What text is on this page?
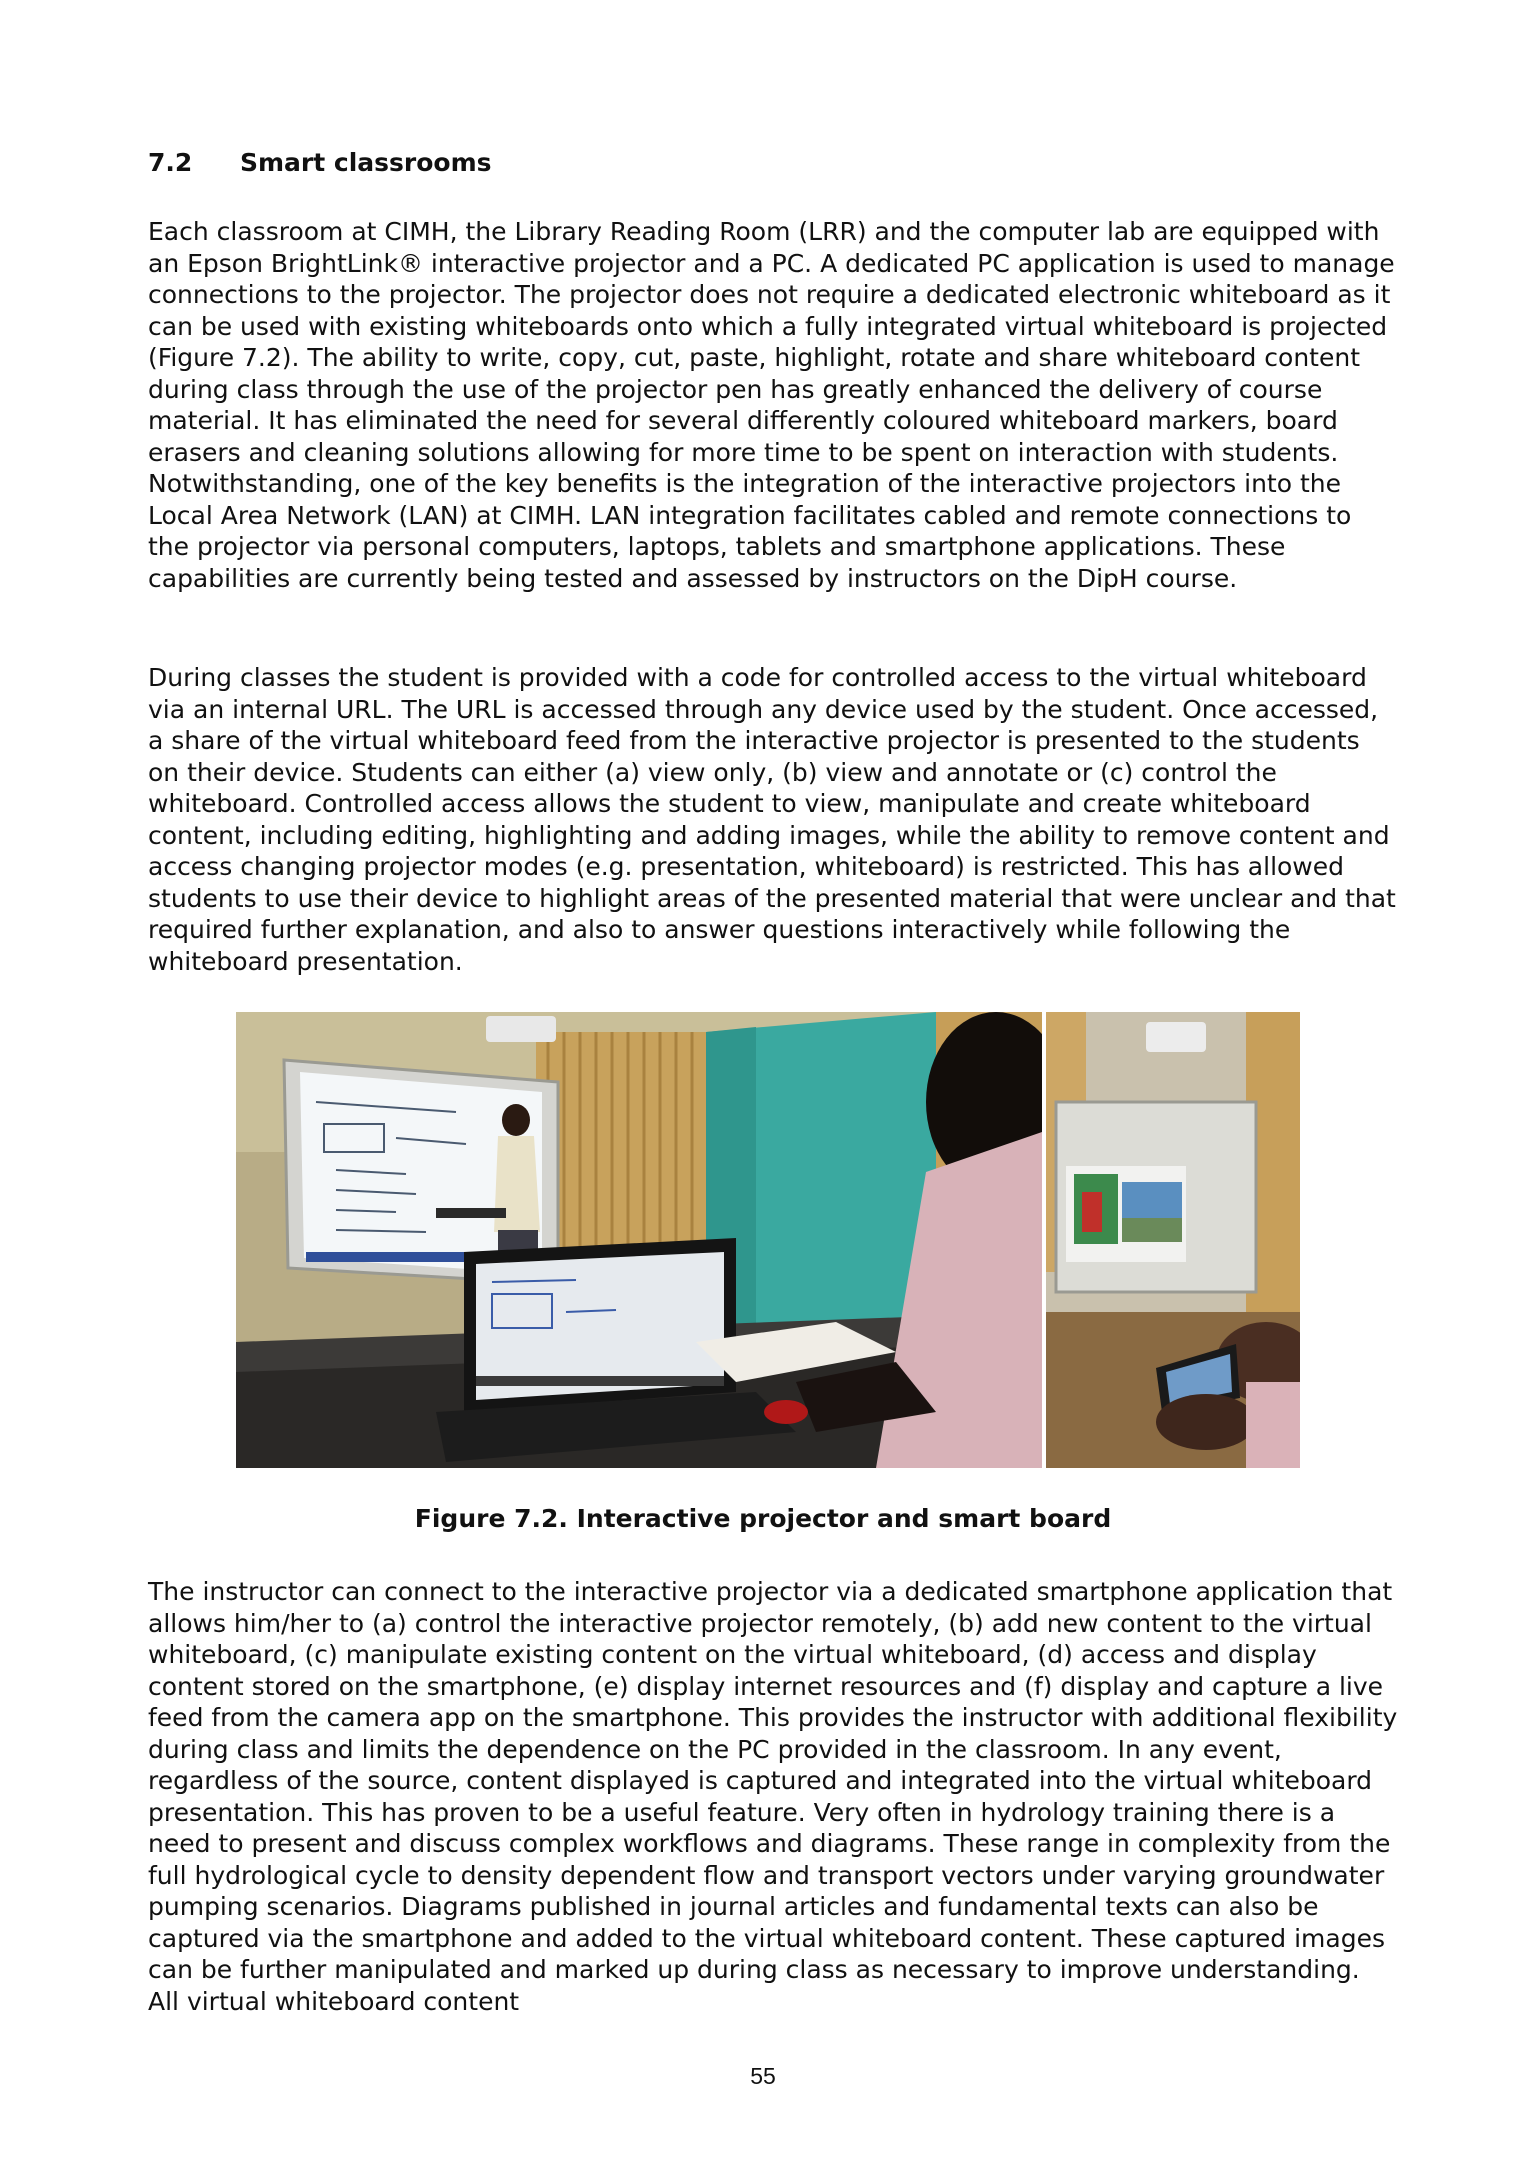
7.2 Smart classrooms

Each classroom at CIMH, the Library Reading Room (LRR) and the computer lab are equipped with an Epson BrightLink® interactive projector and a PC. A dedicated PC application is used to manage connections to the projector. The projector does not require a dedicated electronic whiteboard as it can be used with existing whiteboards onto which a fully integrated virtual whiteboard is projected (Figure 7.2). The ability to write, copy, cut, paste, highlight, rotate and share whiteboard content during class through the use of the projector pen has greatly enhanced the delivery of course material. It has eliminated the need for several differently coloured whiteboard markers, board erasers and cleaning solutions allowing for more time to be spent on interaction with students. Notwithstanding, one of the key benefits is the integration of the interactive projectors into the Local Area Network (LAN) at CIMH. LAN integration facilitates cabled and remote connections to the projector via personal computers, laptops, tablets and smartphone applications. These capabilities are currently being tested and assessed by instructors on the DipH course.

During classes the student is provided with a code for controlled access to the virtual whiteboard via an internal URL. The URL is accessed through any device used by the student. Once accessed, a share of the virtual whiteboard feed from the interactive projector is presented to the students on their device. Students can either (a) view only, (b) view and annotate or (c) control the whiteboard. Controlled access allows the student to view, manipulate and create whiteboard content, including editing, highlighting and adding images, while the ability to remove content and access changing projector modes (e.g. presentation, whiteboard) is restricted. This has allowed students to use their device to highlight areas of the presented material that were unclear and that required further explanation, and also to answer questions interactively while following the whiteboard presentation.

Figure 7.2. Interactive projector and smart board

The instructor can connect to the interactive projector via a dedicated smartphone application that allows him/her to (a) control the interactive projector remotely, (b) add new content to the virtual whiteboard, (c) manipulate existing content on the virtual whiteboard, (d) access and display content stored on the smartphone, (e) display internet resources and (f) display and capture a live feed from the camera app on the smartphone. This provides the instructor with additional flexibility during class and limits the dependence on the PC provided in the classroom. In any event, regardless of the source, content displayed is captured and integrated into the virtual whiteboard presentation. This has proven to be a useful feature. Very often in hydrology training there is a need to present and discuss complex workflows and diagrams. These range in complexity from the full hydrological cycle to density dependent flow and transport vectors under varying groundwater pumping scenarios. Diagrams published in journal articles and fundamental texts can also be captured via the smartphone and added to the virtual whiteboard content. These captured images can be further manipulated and marked up during class as necessary to improve understanding. All virtual whiteboard content

55
